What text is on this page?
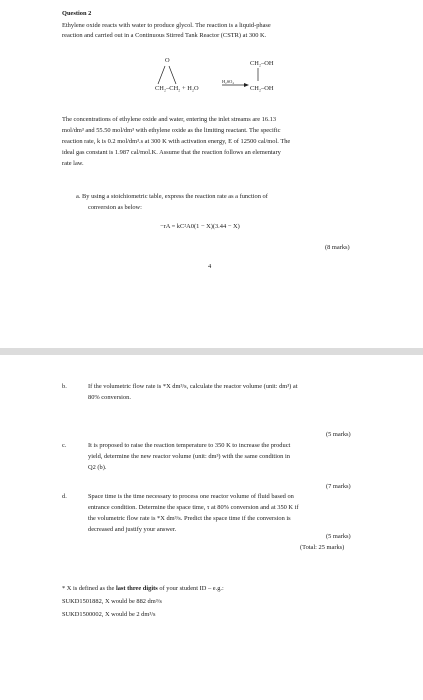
Question 2
Ethylene oxide reacts with water to produce glycol. The reaction is a liquid-phase
reaction and carried out in a Continuous Stirred Tank Reactor (CSTR) at 300 K.
O
CH₂–CH₂ + H₂O
H₂SO₄
CH₂–OH
CH₂–OH
The concentrations of ethylene oxide and water, entering the inlet streams are 16.13
mol/dm³ and 55.50 mol/dm³ with ethylene oxide as the limiting reactant. The specific
reaction rate, k is 0.2 mol/dm³.s at 300 K with activation energy, E of 12500 cal/mol. The
ideal gas constant is 1.987 cal/mol.K. Assume that the reaction follows an elementary
rate law.
a. By using a stoichiometric table, express the reaction rate as a function of
conversion as below:
−rA = kC²A0(1 − X)(3.44 − X)
(8 marks)
4
b.	If the volumetric flow rate is *X dm³/s, calculate the reactor volume (unit: dm³) at
80% conversion.
(5 marks)
c.	It is proposed to raise the reaction temperature to 350 K to increase the product
yield, determine the new reactor volume (unit: dm³) with the same condition in
Q2 (b).
(7 marks)
d.	Space time is the time necessary to process one reactor volume of fluid based on
entrance condition. Determine the space time, τ at 80% conversion and at 350 K if
the volumetric flow rate is *X dm³/s. Predict the space time if the conversion is
decreased and justify your answer.
(5 marks)
(Total: 25 marks)
* X is defined as the last three digits of your student ID – e.g.:
SUKD1501882, X would be 882 dm³/s
SUKD1500002, X would be 2 dm³/s
